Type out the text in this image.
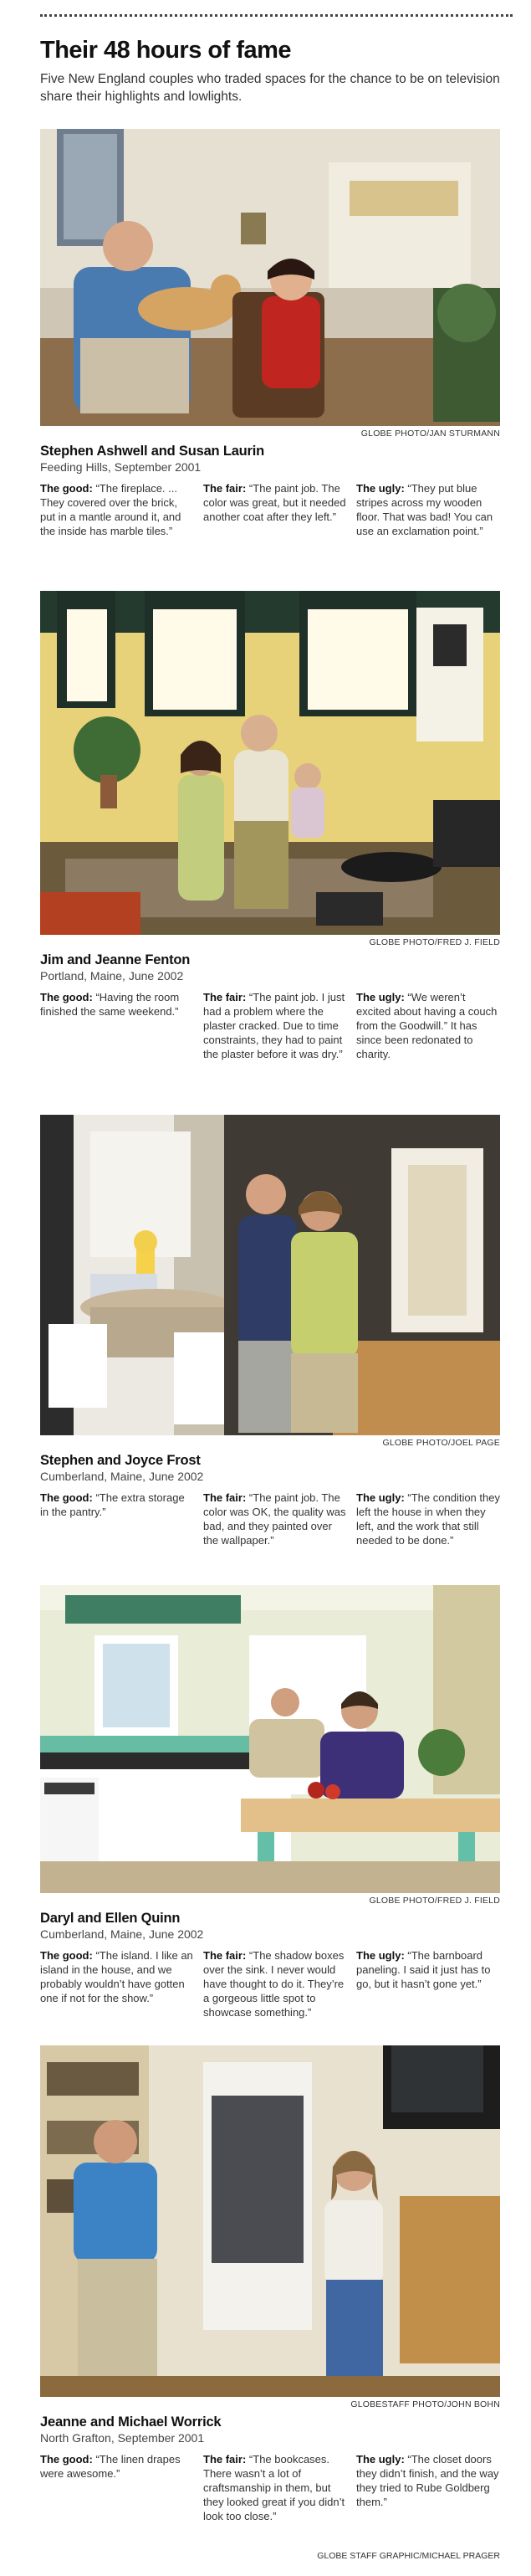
Their 48 hours of fame

Five New England couples who traded spaces for the chance to be on television share their highlights and lowlights.

GLOBE PHOTO/JAN STURMANN
Stephen Ashwell and Susan Laurin
Feeding Hills, September 2001
The good: “The fireplace. ... They covered over the brick, put in a mantle around it, and the inside has marble tiles.”
The fair: “The paint job. The color was great, but it needed another coat after they left.”
The ugly: “They put blue stripes across my wooden floor. That was bad! You can use an exclamation point.”
GLOBE PHOTO/FRED J. FIELD
Jim and Jeanne Fenton
Portland, Maine, June 2002
The good: “Having the room finished the same weekend.”
The fair: “The paint job. I just had a problem where the plaster cracked. Due to time constraints, they had to paint the plaster before it was dry.”
The ugly: “We weren’t excited about having a couch from the Goodwill.” It has since been redonated to charity.
GLOBE PHOTO/JOEL PAGE
Stephen and Joyce Frost
Cumberland, Maine, June 2002
The good: “The extra storage in the pantry.”
The fair: “The paint job. The color was OK, the quality was bad, and they painted over the wallpaper.”
The ugly: “The condition they left the house in when they left, and the work that still needed to be done.”
GLOBE PHOTO/FRED J. FIELD
Daryl and Ellen Quinn
Cumberland, Maine, June 2002
The good: “The island. I like an island in the house, and we probably wouldn’t have gotten one if not for the show.”
The fair: “The shadow boxes over the sink. I never would have thought to do it. They’re a gorgeous little spot to showcase something.”
The ugly: “The barnboard paneling. I said it just has to go, but it hasn’t gone yet.”
GLOBESTAFF PHOTO/JOHN BOHN
Jeanne and Michael Worrick
North Grafton, September 2001
The good: “The linen drapes were awesome.”
The fair: “The bookcases. There wasn’t a lot of craftsmanship in them, but they looked great if you didn’t look too close.”
The ugly: “The closet doors they didn’t finish, and the way they tried to Rube Goldberg them.”
GLOBE STAFF GRAPHIC/MICHAEL PRAGER
